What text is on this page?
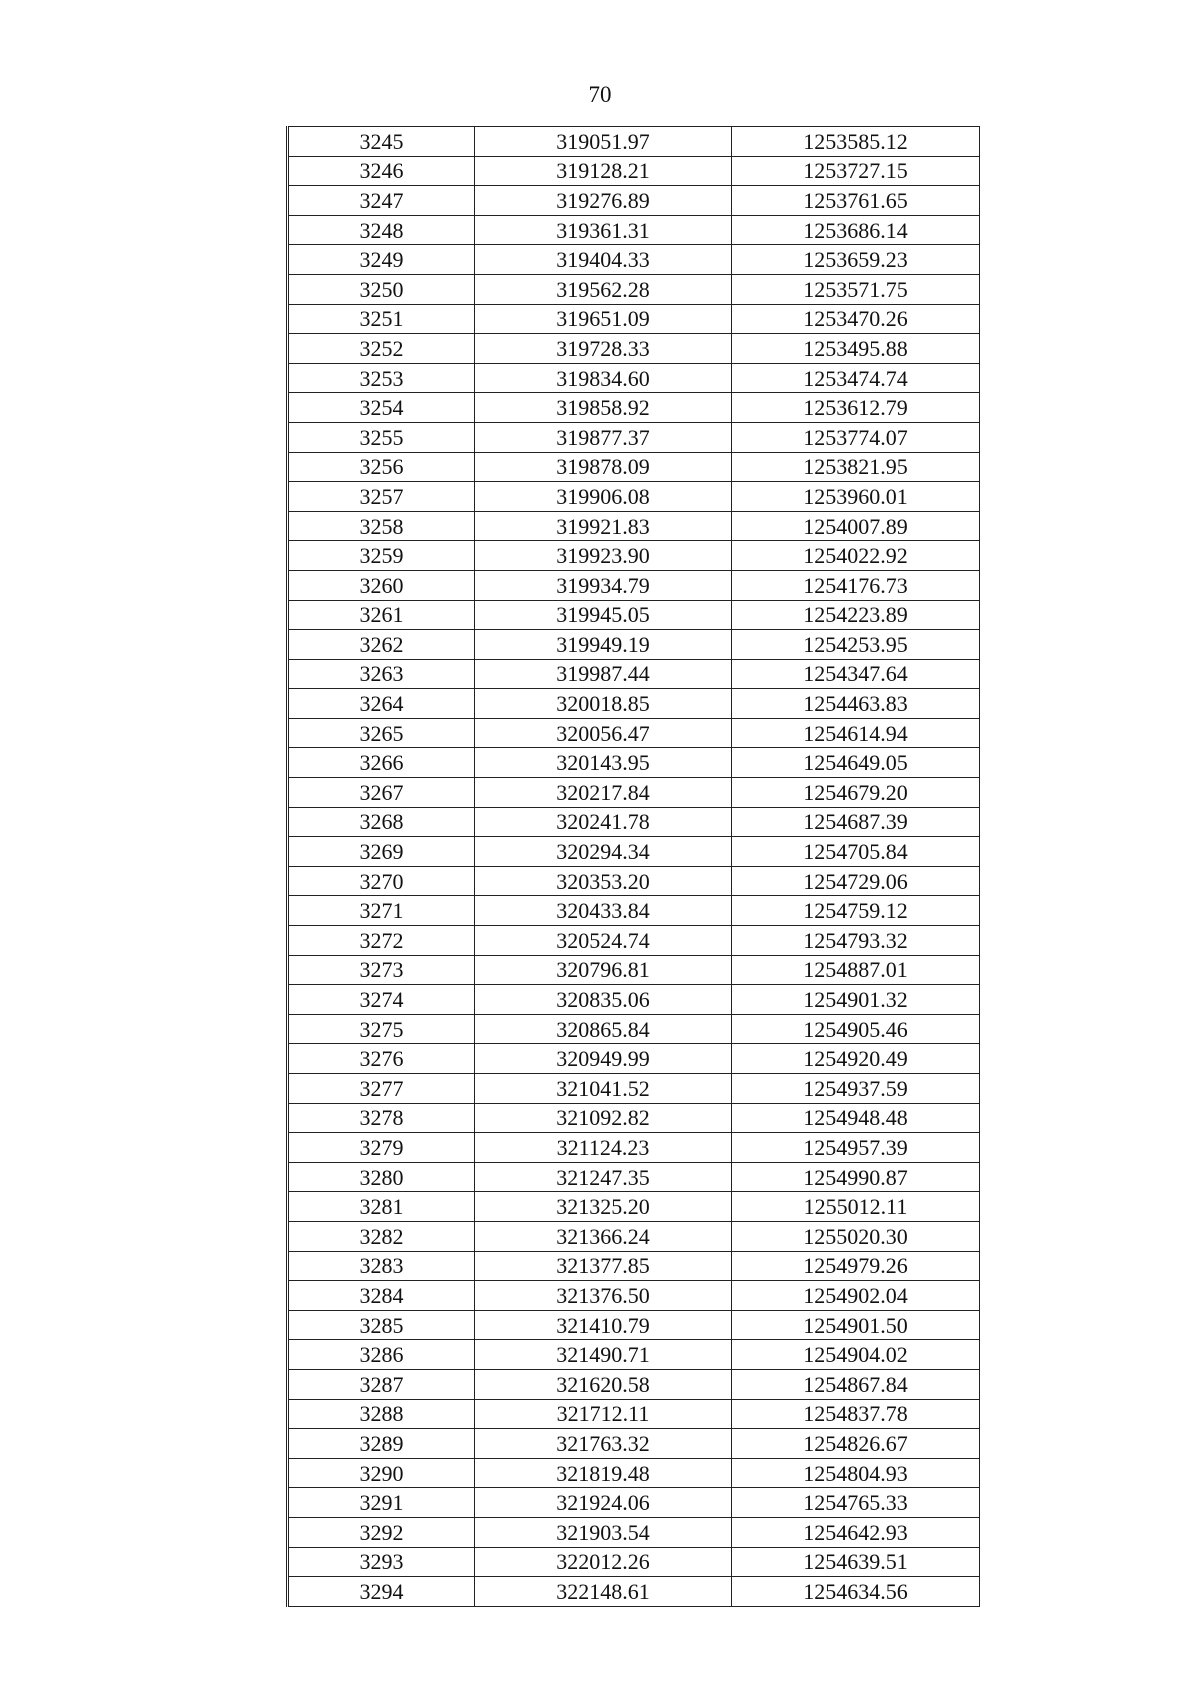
70
3245	319051.97	1253585.12
3246	319128.21	1253727.15
3247	319276.89	1253761.65
3248	319361.31	1253686.14
3249	319404.33	1253659.23
3250	319562.28	1253571.75
3251	319651.09	1253470.26
3252	319728.33	1253495.88
3253	319834.60	1253474.74
3254	319858.92	1253612.79
3255	319877.37	1253774.07
3256	319878.09	1253821.95
3257	319906.08	1253960.01
3258	319921.83	1254007.89
3259	319923.90	1254022.92
3260	319934.79	1254176.73
3261	319945.05	1254223.89
3262	319949.19	1254253.95
3263	319987.44	1254347.64
3264	320018.85	1254463.83
3265	320056.47	1254614.94
3266	320143.95	1254649.05
3267	320217.84	1254679.20
3268	320241.78	1254687.39
3269	320294.34	1254705.84
3270	320353.20	1254729.06
3271	320433.84	1254759.12
3272	320524.74	1254793.32
3273	320796.81	1254887.01
3274	320835.06	1254901.32
3275	320865.84	1254905.46
3276	320949.99	1254920.49
3277	321041.52	1254937.59
3278	321092.82	1254948.48
3279	321124.23	1254957.39
3280	321247.35	1254990.87
3281	321325.20	1255012.11
3282	321366.24	1255020.30
3283	321377.85	1254979.26
3284	321376.50	1254902.04
3285	321410.79	1254901.50
3286	321490.71	1254904.02
3287	321620.58	1254867.84
3288	321712.11	1254837.78
3289	321763.32	1254826.67
3290	321819.48	1254804.93
3291	321924.06	1254765.33
3292	321903.54	1254642.93
3293	322012.26	1254639.51
3294	322148.61	1254634.56
